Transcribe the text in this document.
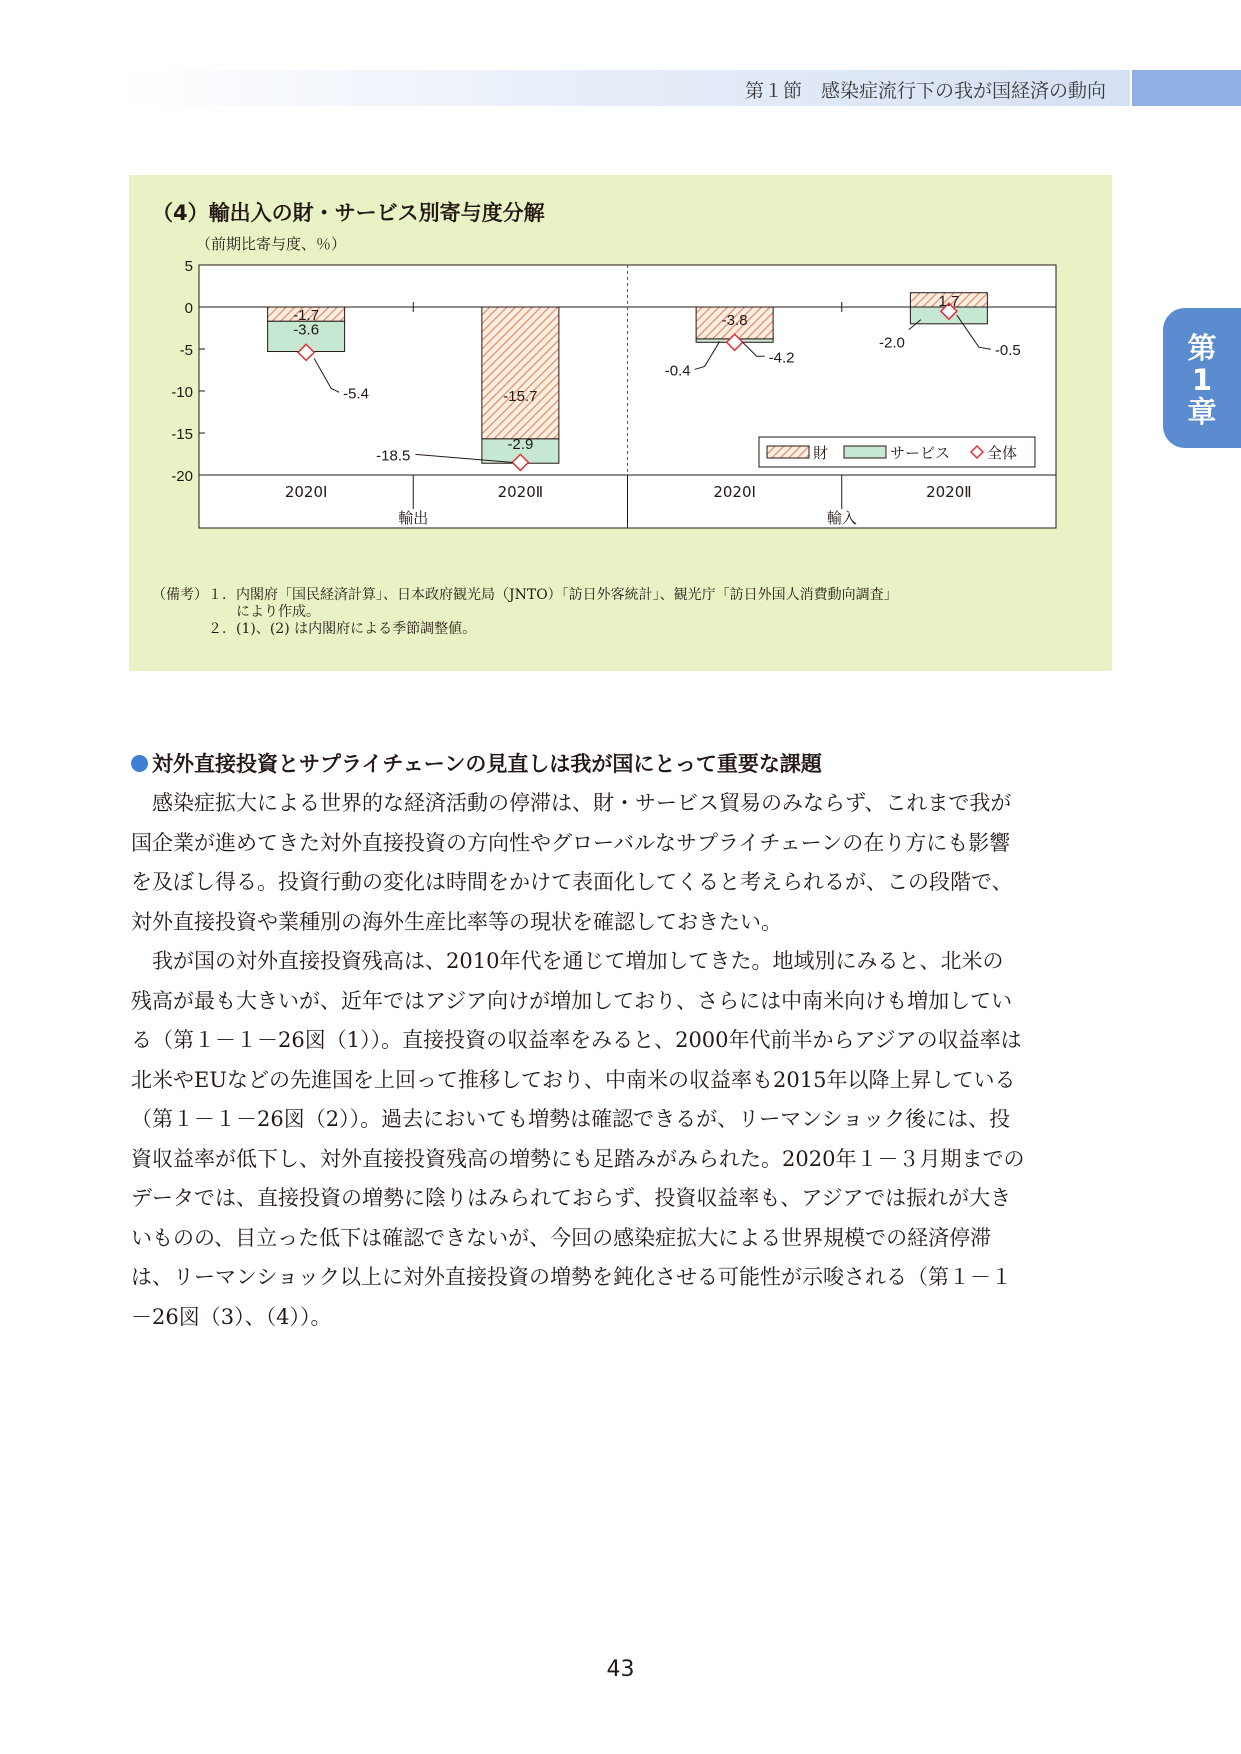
第１節　感染症流行下の我が国経済の動向
第
1
章
（4）輸出入の財・サービス別寄与度分解
（前期比寄与度、％）
5
0
-5
-10
-15
-20
2020Ⅰ	2020Ⅱ	2020Ⅰ	2020Ⅱ
輸出	輸入
-1.7
-3.6
-5.4	-15.7
-2.9
-18.5
-3.8
-0.4
-4.2
1.7
-2.0	-0.5
財	サービス 全体
（備考）１．内閣府「国民経済計算」、日本政府観光局（JNTO）「訪日外客統計」、観光庁「訪日外国人消費動向調査」
　　により作成。
２．(1)、(2) は内閣府による季節調整値。
対外直接投資とサプライチェーンの見直しは我が国にとって重要な課題
　感染症拡大による世界的な経済活動の停滞は、財・サービス貿易のみならず、これまで我が
国企業が進めてきた対外直接投資の方向性やグローバルなサプライチェーンの在り方にも影響
を及ぼし得る。投資行動の変化は時間をかけて表面化してくると考えられるが、この段階で、
対外直接投資や業種別の海外生産比率等の現状を確認しておきたい。
　我が国の対外直接投資残高は、2010年代を通じて増加してきた。地域別にみると、北米の
残高が最も大きいが、近年ではアジア向けが増加しており、さらには中南米向けも増加してい
る（第１－１－26図（1））。直接投資の収益率をみると、2000年代前半からアジアの収益率は
北米やEUなどの先進国を上回って推移しており、中南米の収益率も2015年以降上昇している
（第１－１－26図（2））。過去においても増勢は確認できるが、リーマンショック後には、投
資収益率が低下し、対外直接投資残高の増勢にも足踏みがみられた。2020年１－３月期までの
データでは、直接投資の増勢に陰りはみられておらず、投資収益率も、アジアでは振れが大き
いものの、目立った低下は確認できないが、今回の感染症拡大による世界規模での経済停滞
は、リーマンショック以上に対外直接投資の増勢を鈍化させる可能性が示唆される（第１－１
－26図（3）、（4））。
43
